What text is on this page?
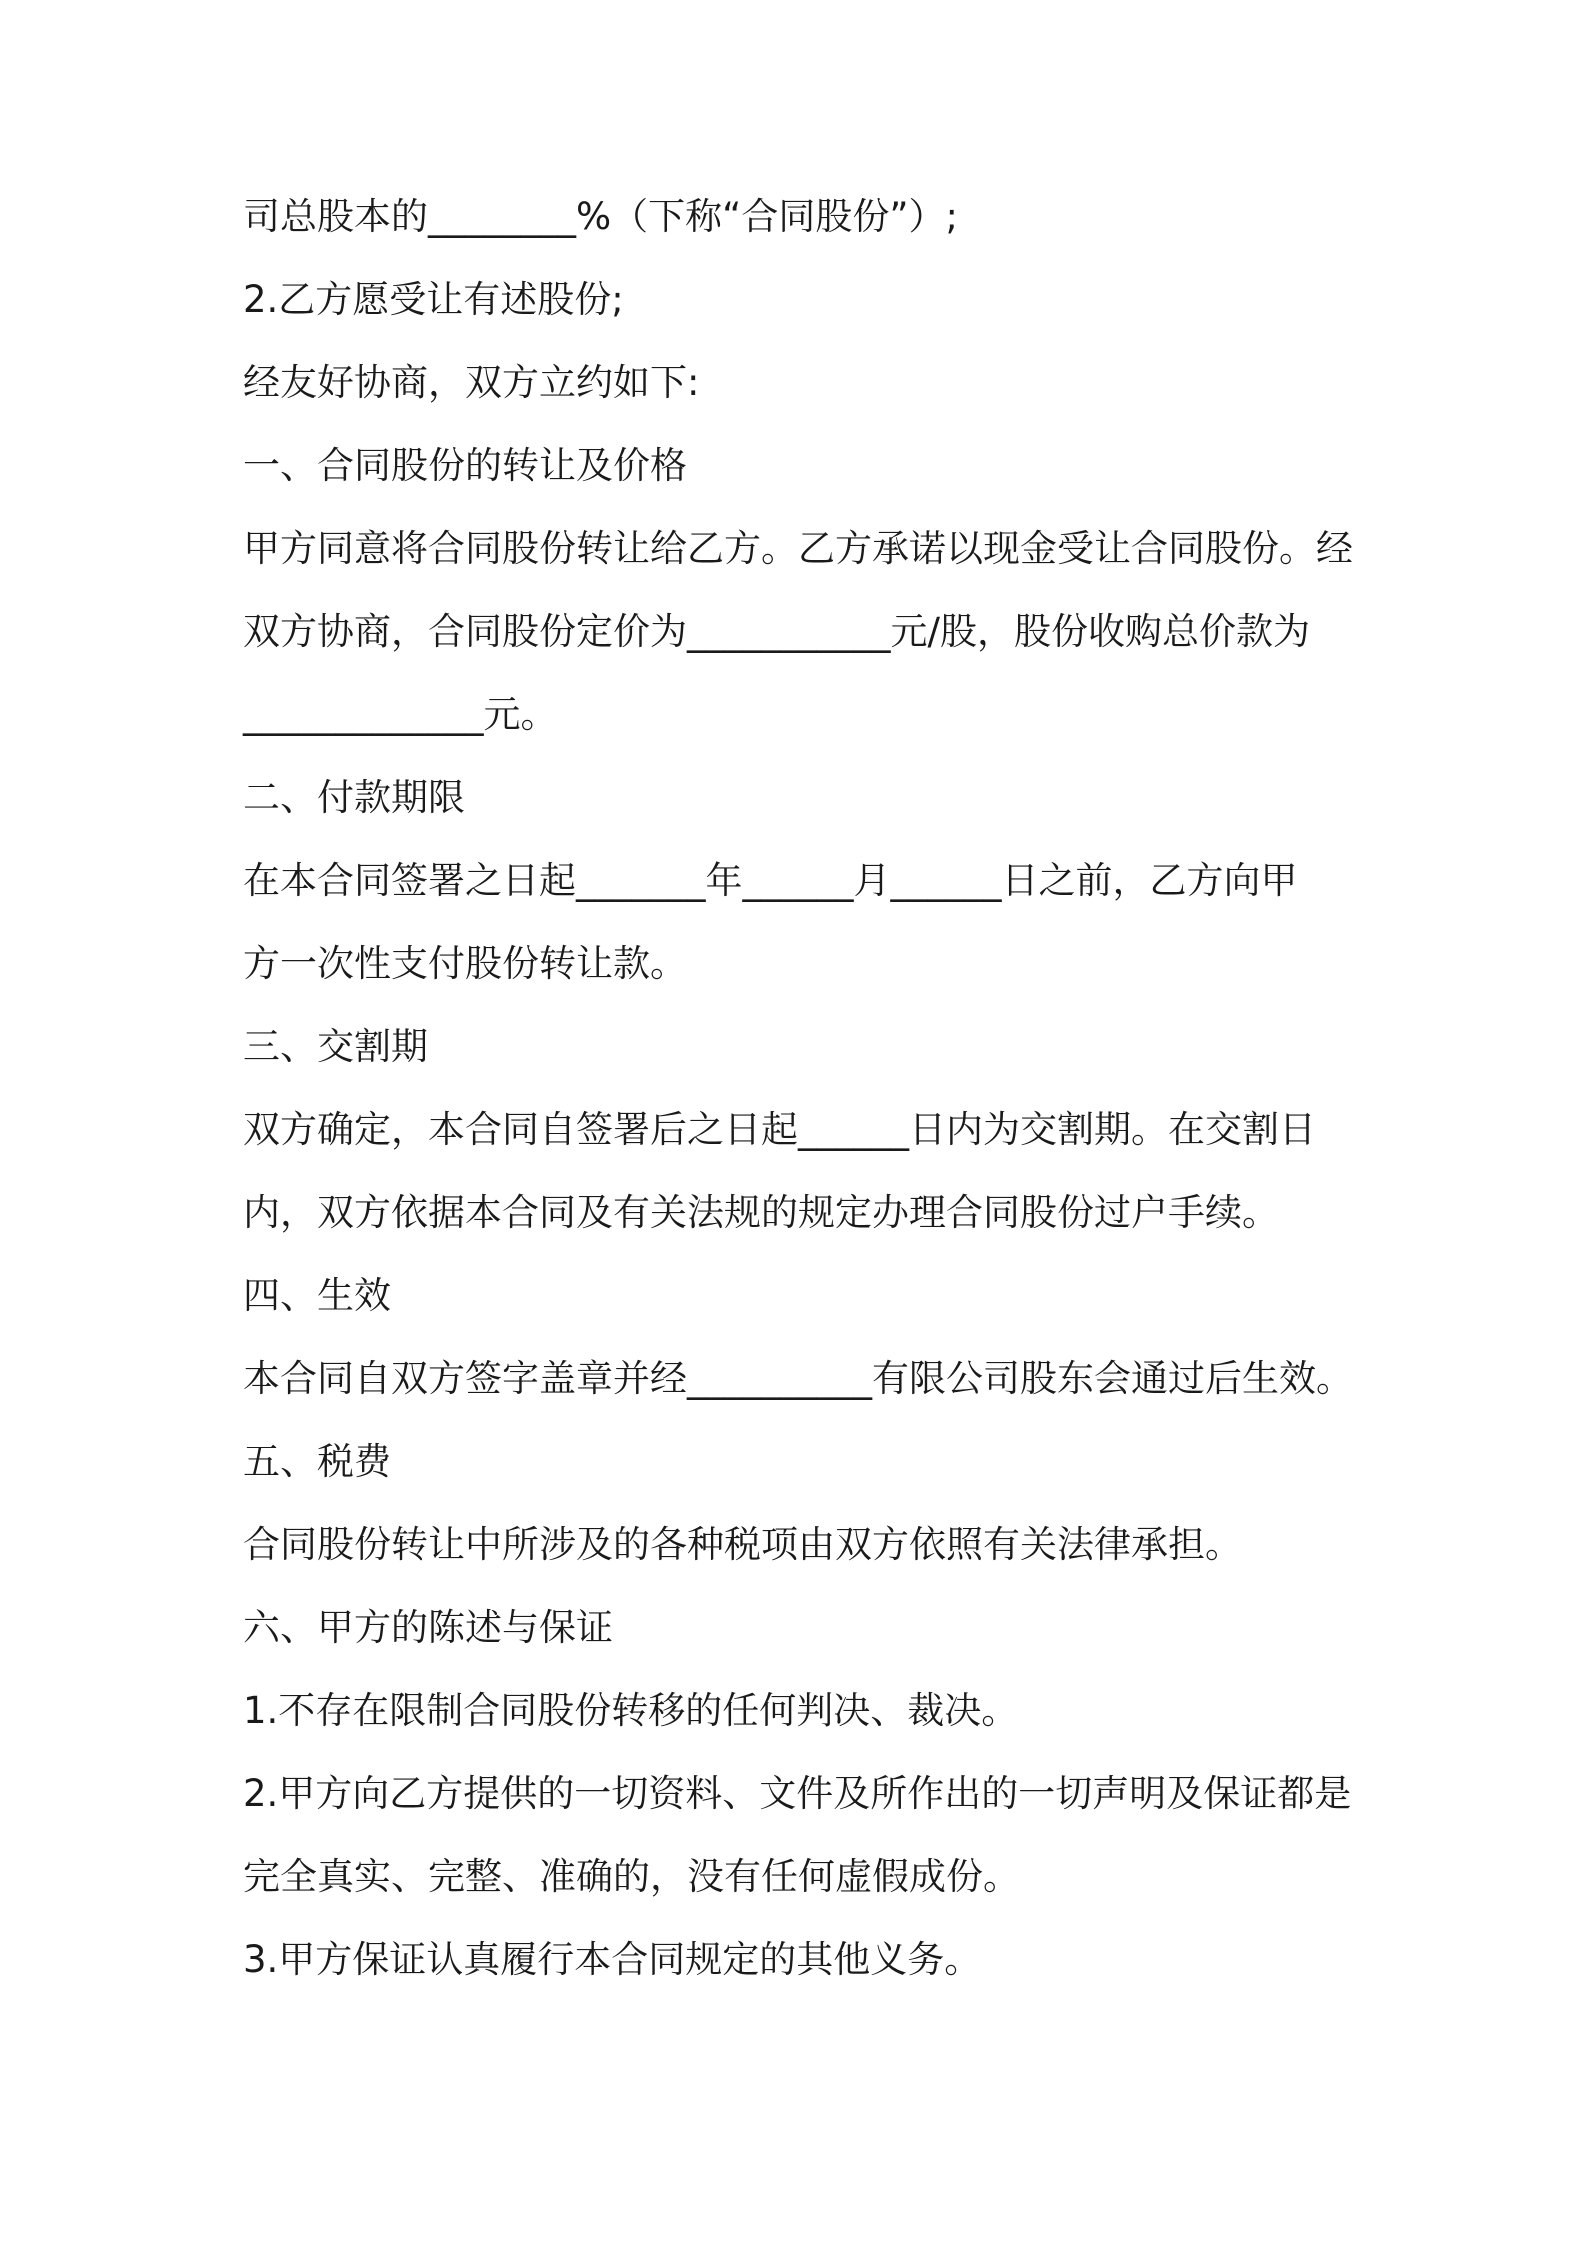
司总股本的________%（下称“合同股份”）;

2.乙方愿受让有述股份;

经友好协商，双方立约如下:

一、合同股份的转让及价格

甲方同意将合同股份转让给乙方。乙方承诺以现金受让合同股份。经

双方协商，合同股份定价为___________元/股，股份收购总价款为

_____________元。

二、付款期限

在本合同签署之日起_______年______月______日之前，乙方向甲

方一次性支付股份转让款。

三、交割期

双方确定，本合同自签署后之日起______日内为交割期。在交割日

内，双方依据本合同及有关法规的规定办理合同股份过户手续。

四、生效

本合同自双方签字盖章并经__________有限公司股东会通过后生效。

五、税费

合同股份转让中所涉及的各种税项由双方依照有关法律承担。

六、甲方的陈述与保证

1.不存在限制合同股份转移的任何判决、裁决。

2.甲方向乙方提供的一切资料、文件及所作出的一切声明及保证都是

完全真实、完整、准确的，没有任何虚假成份。

3.甲方保证认真履行本合同规定的其他义务。
